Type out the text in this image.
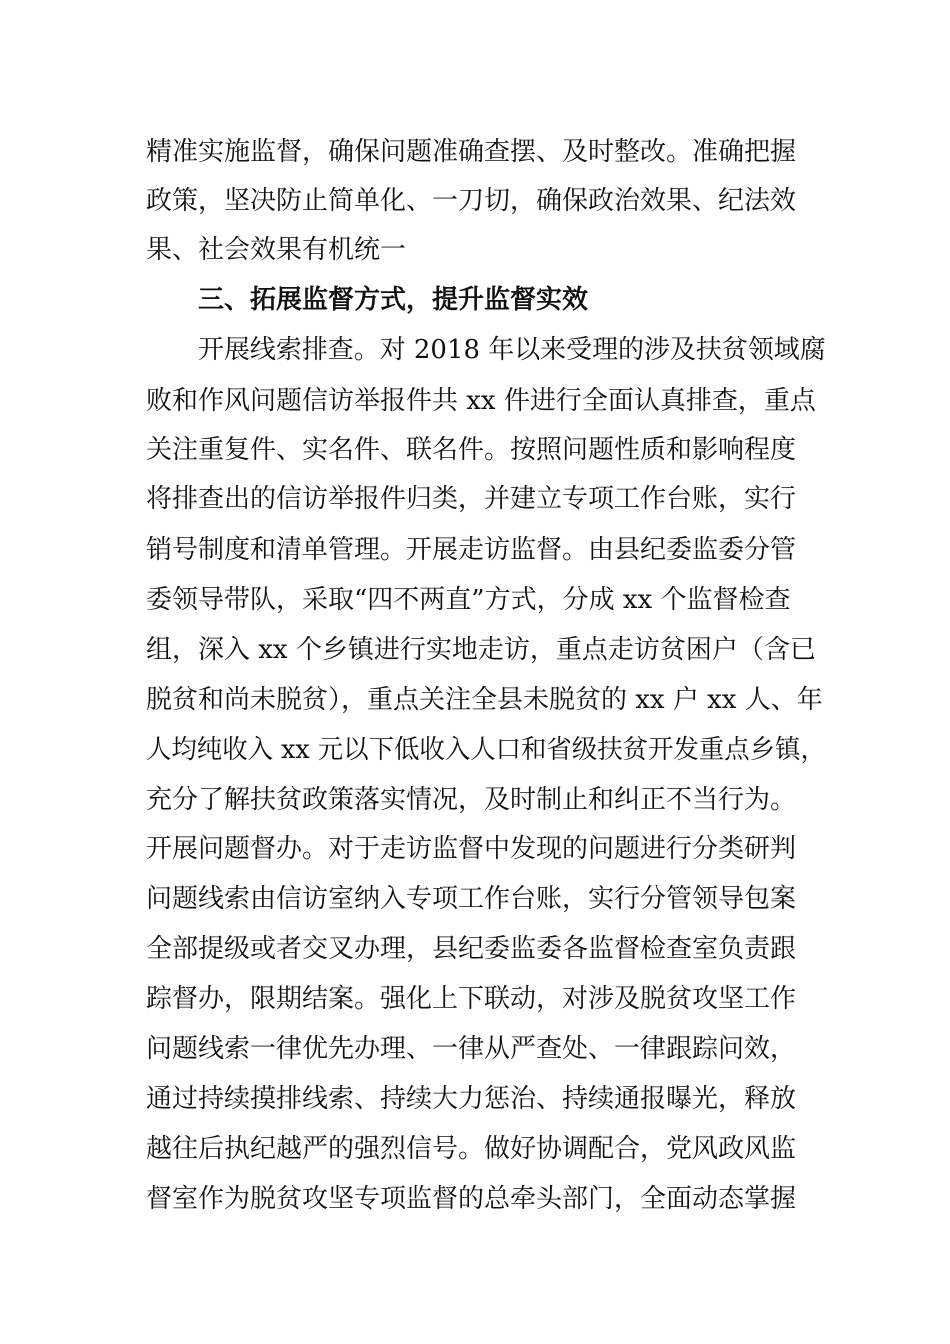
精准实施监督，确保问题准确查摆、及时整改。准确把握

政策，坚决防止简单化、一刀切，确保政治效果、纪法效

果、社会效果有机统一

三、拓展监督方式，提升监督实效

开展线索排查。对 2018 年以来受理的涉及扶贫领域腐

败和作风问题信访举报件共 xx 件进行全面认真排查，重点

关注重复件、实名件、联名件。按照问题性质和影响程度

将排查出的信访举报件归类，并建立专项工作台账，实行

销号制度和清单管理。开展走访监督。由县纪委监委分管

委领导带队，采取“四不两直”方式，分成 xx 个监督检查

组，深入 xx 个乡镇进行实地走访，重点走访贫困户（含已

脱贫和尚未脱贫），重点关注全县未脱贫的 xx 户 xx 人、年

人均纯收入 xx 元以下低收入人口和省级扶贫开发重点乡镇，

充分了解扶贫政策落实情况，及时制止和纠正不当行为。

开展问题督办。对于走访监督中发现的问题进行分类研判

问题线索由信访室纳入专项工作台账，实行分管领导包案

全部提级或者交叉办理，县纪委监委各监督检查室负责跟

踪督办，限期结案。强化上下联动，对涉及脱贫攻坚工作

问题线索一律优先办理、一律从严查处、一律跟踪问效，

通过持续摸排线索、持续大力惩治、持续通报曝光，释放

越往后执纪越严的强烈信号。做好协调配合，党风政风监

督室作为脱贫攻坚专项监督的总牵头部门，全面动态掌握
